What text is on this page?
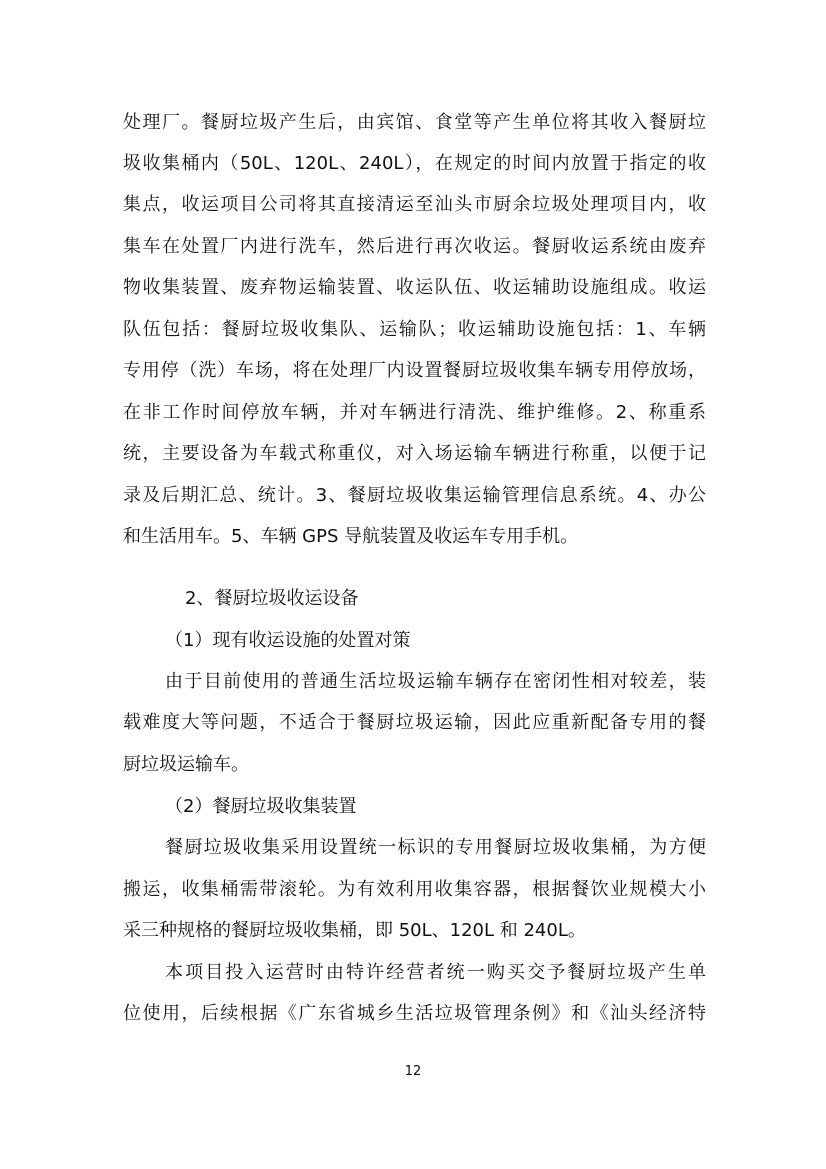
处理厂。餐厨垃圾产生后，由宾馆、食堂等产生单位将其收入餐厨垃
圾收集桶内（50L、120L、240L），在规定的时间内放置于指定的收
集点，收运项目公司将其直接清运至汕头市厨余垃圾处理项目内，收
集车在处置厂内进行洗车，然后进行再次收运。餐厨收运系统由废弃
物收集装置、废弃物运输装置、收运队伍、收运辅助设施组成。收运
队伍包括：餐厨垃圾收集队、运输队；收运辅助设施包括：1、车辆
专用停（洗）车场，将在处理厂内设置餐厨垃圾收集车辆专用停放场，
在非工作时间停放车辆，并对车辆进行清洗、维护维修。2、称重系
统，主要设备为车载式称重仪，对入场运输车辆进行称重，以便于记
录及后期汇总、统计。3、餐厨垃圾收集运输管理信息系统。4、办公
和生活用车。5、车辆 GPS 导航装置及收运车专用手机。
2、餐厨垃圾收运设备
（1）现有收运设施的处置对策
由于目前使用的普通生活垃圾运输车辆存在密闭性相对较差，装
载难度大等问题，不适合于餐厨垃圾运输，因此应重新配备专用的餐
厨垃圾运输车。
（2）餐厨垃圾收集装置
餐厨垃圾收集采用设置统一标识的专用餐厨垃圾收集桶，为方便
搬运，收集桶需带滚轮。为有效利用收集容器，根据餐饮业规模大小
采三种规格的餐厨垃圾收集桶，即 50L、120L 和 240L。
本项目投入运营时由特许经营者统一购买交予餐厨垃圾产生单
位使用，后续根据《广东省城乡生活垃圾管理条例》和《汕头经济特
12
